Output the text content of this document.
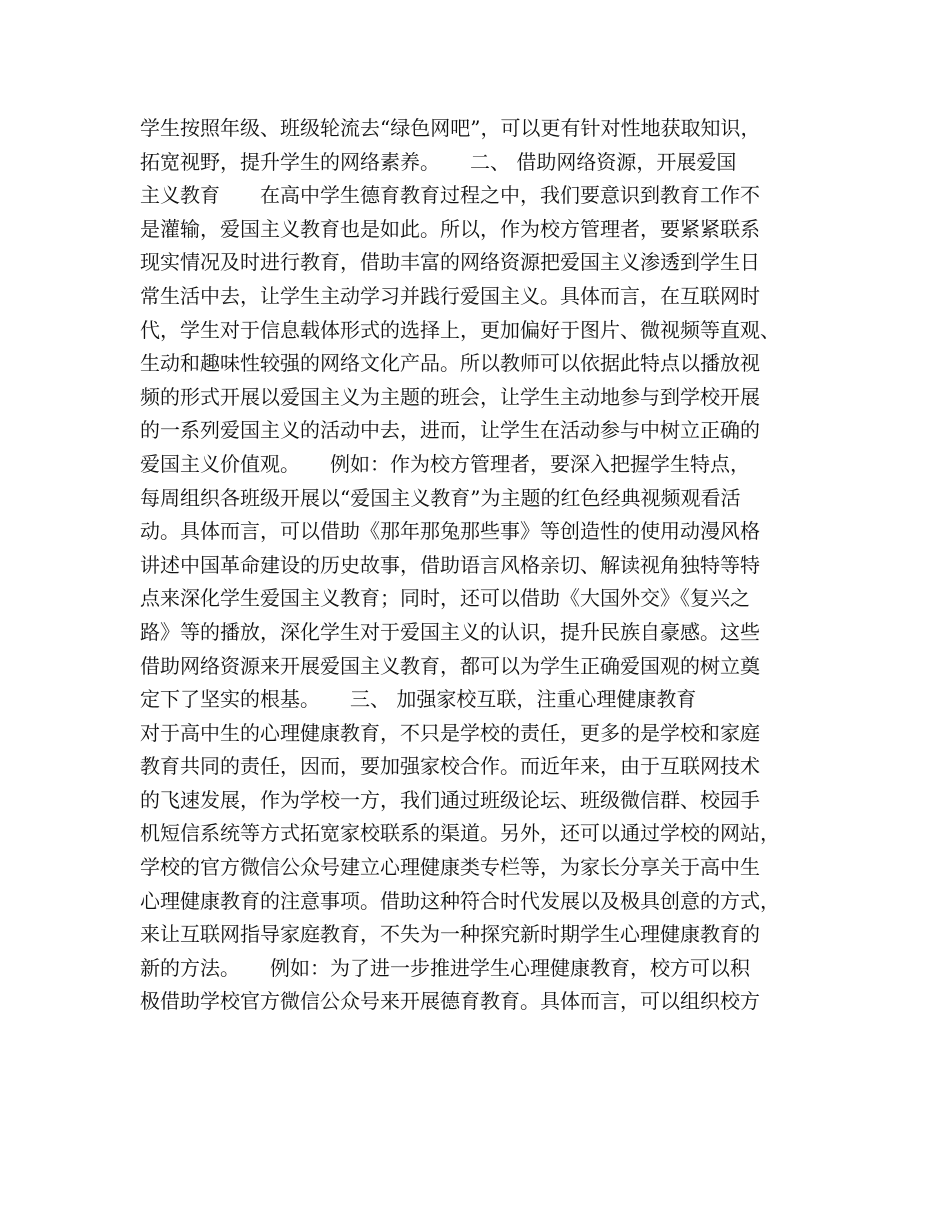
学生按照年级、班级轮流去“绿色网吧”，可以更有针对性地获取知识，
拓宽视野，提升学生的网络素养。　　二、 借助网络资源，开展爱国
主义教育　　在高中学生德育教育过程之中，我们要意识到教育工作不
是灌输，爱国主义教育也是如此。所以，作为校方管理者，要紧紧联系
现实情况及时进行教育，借助丰富的网络资源把爱国主义渗透到学生日
常生活中去，让学生主动学习并践行爱国主义。具体而言，在互联网时
代，学生对于信息载体形式的选择上，更加偏好于图片、微视频等直观、
生动和趣味性较强的网络文化产品。所以教师可以依据此特点以播放视
频的形式开展以爱国主义为主题的班会，让学生主动地参与到学校开展
的一系列爱国主义的活动中去，进而，让学生在活动参与中树立正确的
爱国主义价值观。　　例如：作为校方管理者，要深入把握学生特点，
每周组织各班级开展以“爱国主义教育”为主题的红色经典视频观看活
动。具体而言，可以借助《那年那兔那些事》等创造性的使用动漫风格
讲述中国革命建设的历史故事，借助语言风格亲切、解读视角独特等特
点来深化学生爱国主义教育；同时，还可以借助《大国外交》《复兴之
路》等的播放，深化学生对于爱国主义的认识，提升民族自豪感。这些
借助网络资源来开展爱国主义教育，都可以为学生正确爱国观的树立奠
定下了坚实的根基。　　三、 加强家校互联，注重心理健康教育
对于高中生的心理健康教育，不只是学校的责任，更多的是学校和家庭
教育共同的责任，因而，要加强家校合作。而近年来，由于互联网技术
的飞速发展，作为学校一方，我们通过班级论坛、班级微信群、校园手
机短信系统等方式拓宽家校联系的渠道。另外，还可以通过学校的网站，
学校的官方微信公众号建立心理健康类专栏等，为家长分享关于高中生
心理健康教育的注意事项。借助这种符合时代发展以及极具创意的方式，
来让互联网指导家庭教育，不失为一种探究新时期学生心理健康教育的
新的方法。　　例如：为了进一步推进学生心理健康教育，校方可以积
极借助学校官方微信公众号来开展德育教育。具体而言，可以组织校方
